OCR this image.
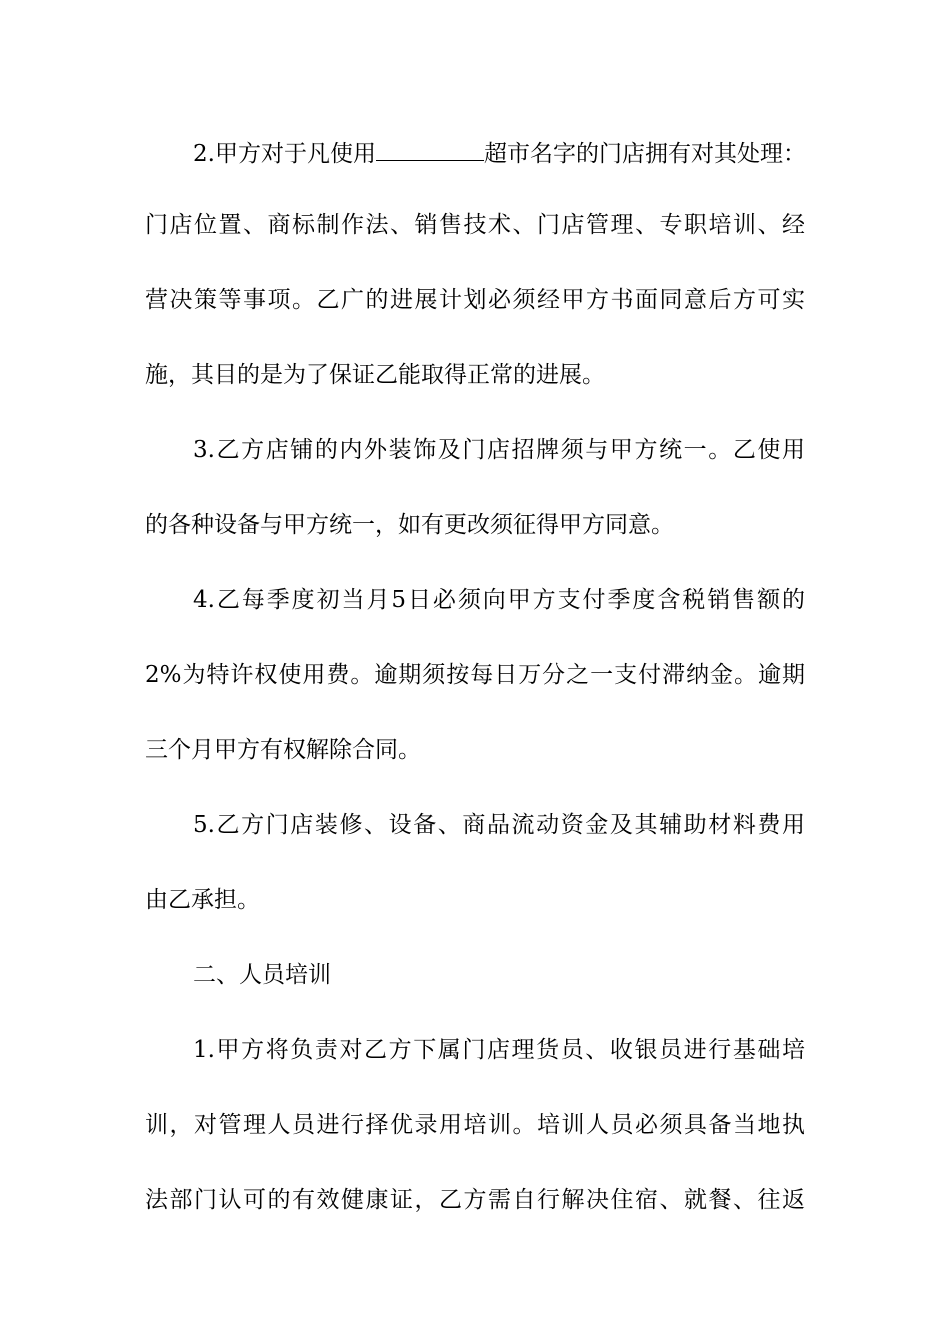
2.甲方对于凡使用	超市名字的门店拥有对其处理：
门店位置、商标制作法、销售技术、门店管理、专职培训、经
营决策等事项。乙广的进展计划必须经甲方书面同意后方可实
施，其目的是为了保证乙能取得正常的进展。
3.乙方店铺的内外装饰及门店招牌须与甲方统一。乙使用
的各种设备与甲方统一，如有更改须征得甲方同意。
4.乙每季度初当月5日必须向甲方支付季度含税销售额的
2%为特许权使用费。逾期须按每日万分之一支付滞纳金。逾期
三个月甲方有权解除合同。
5.乙方门店装修、设备、商品流动资金及其辅助材料费用
由乙承担。
二、人员培训
1.甲方将负责对乙方下属门店理货员、收银员进行基础培
训，对管理人员进行择优录用培训。培训人员必须具备当地执
法部门认可的有效健康证，乙方需自行解决住宿、就餐、往返
